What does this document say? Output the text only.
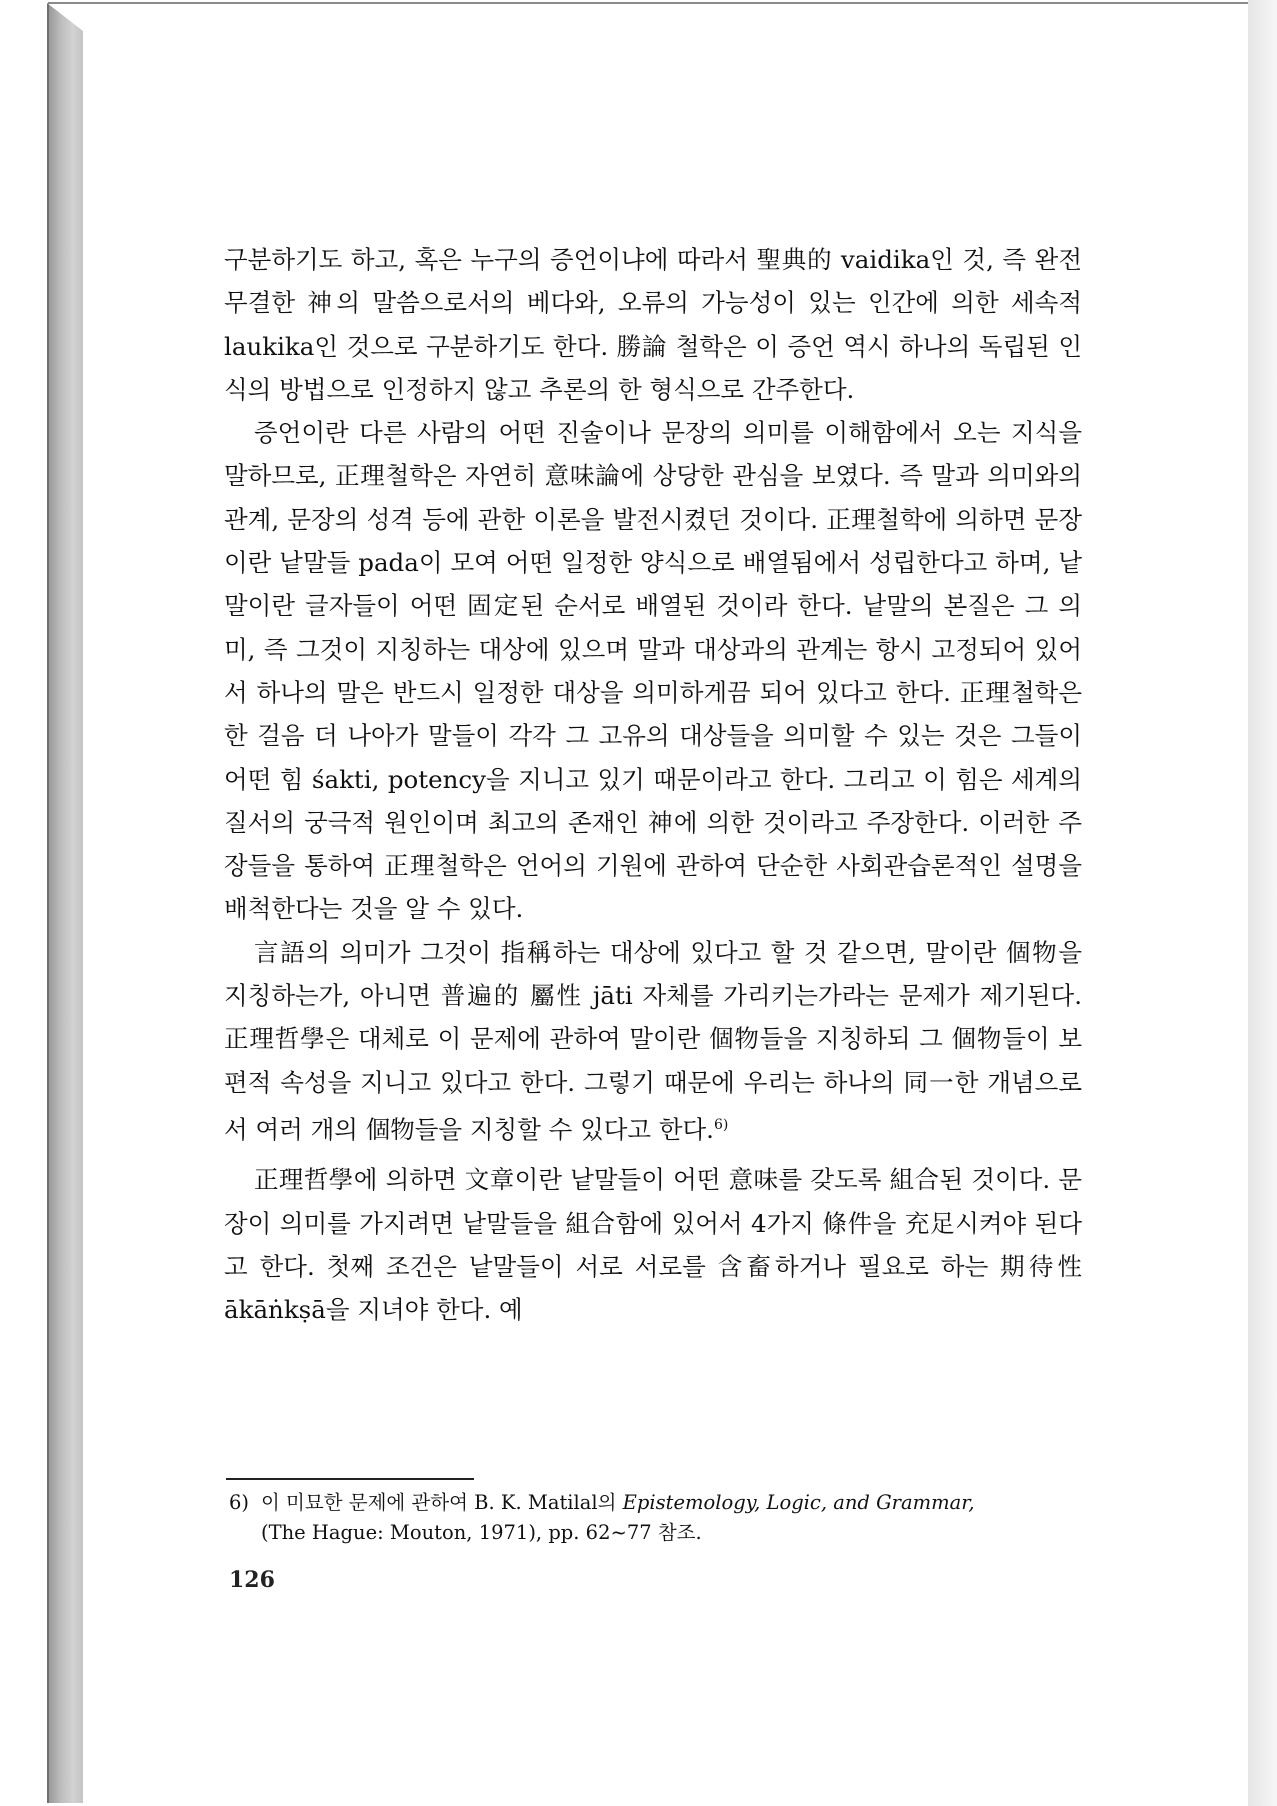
구분하기도 하고, 혹은 누구의 증언이냐에 따라서 聖典的 vaidika인 것, 즉 완전무결한 神의 말씀으로서의 베다와, 오류의 가능성이 있는 인간에 의한 세속적 laukika인 것으로 구분하기도 한다. 勝論 철학은 이 증언 역시 하나의 독립된 인식의 방법으로 인정하지 않고 추론의 한 형식으로 간주한다.

증언이란 다른 사람의 어떤 진술이나 문장의 의미를 이해함에서 오는 지식을 말하므로, 正理철학은 자연히 意味論에 상당한 관심을 보였다. 즉 말과 의미와의 관계, 문장의 성격 등에 관한 이론을 발전시켰던 것이다. 正理철학에 의하면 문장이란 낱말들 pada이 모여 어떤 일정한 양식으로 배열됨에서 성립한다고 하며, 낱말이란 글자들이 어떤 固定된 순서로 배열된 것이라 한다. 낱말의 본질은 그 의미, 즉 그것이 지칭하는 대상에 있으며 말과 대상과의 관계는 항시 고정되어 있어서 하나의 말은 반드시 일정한 대상을 의미하게끔 되어 있다고 한다. 正理철학은 한 걸음 더 나아가 말들이 각각 그 고유의 대상들을 의미할 수 있는 것은 그들이 어떤 힘 śakti, potency을 지니고 있기 때문이라고 한다. 그리고 이 힘은 세계의 질서의 궁극적 원인이며 최고의 존재인 神에 의한 것이라고 주장한다. 이러한 주장들을 통하여 正理철학은 언어의 기원에 관하여 단순한 사회관습론적인 설명을 배척한다는 것을 알 수 있다.

言語의 의미가 그것이 指稱하는 대상에 있다고 할 것 같으면, 말이란 個物을 지칭하는가, 아니면 普遍的 屬性 jāti 자체를 가리키는가라는 문제가 제기된다. 正理哲學은 대체로 이 문제에 관하여 말이란 個物들을 지칭하되 그 個物들이 보편적 속성을 지니고 있다고 한다. 그렇기 때문에 우리는 하나의 同一한 개념으로서 여러 개의 個物들을 지칭할 수 있다고 한다.$^{6)}$

正理哲學에 의하면 文章이란 낱말들이 어떤 意味를 갖도록 組合된 것이다. 문장이 의미를 가지려면 낱말들을 組合함에 있어서 4가지 條件을 充足시켜야 된다고 한다. 첫째 조건은 낱말들이 서로 서로를 含畜하거나 필요로 하는 期待性 ākāṅkṣā을 지녀야 한다. 예

6) 이 미묘한 문제에 관하여 B. K. Matilal의 Epistemology, Logic, and Grammar,
(The Hague: Mouton, 1971), pp. 62~77 참조.
126
